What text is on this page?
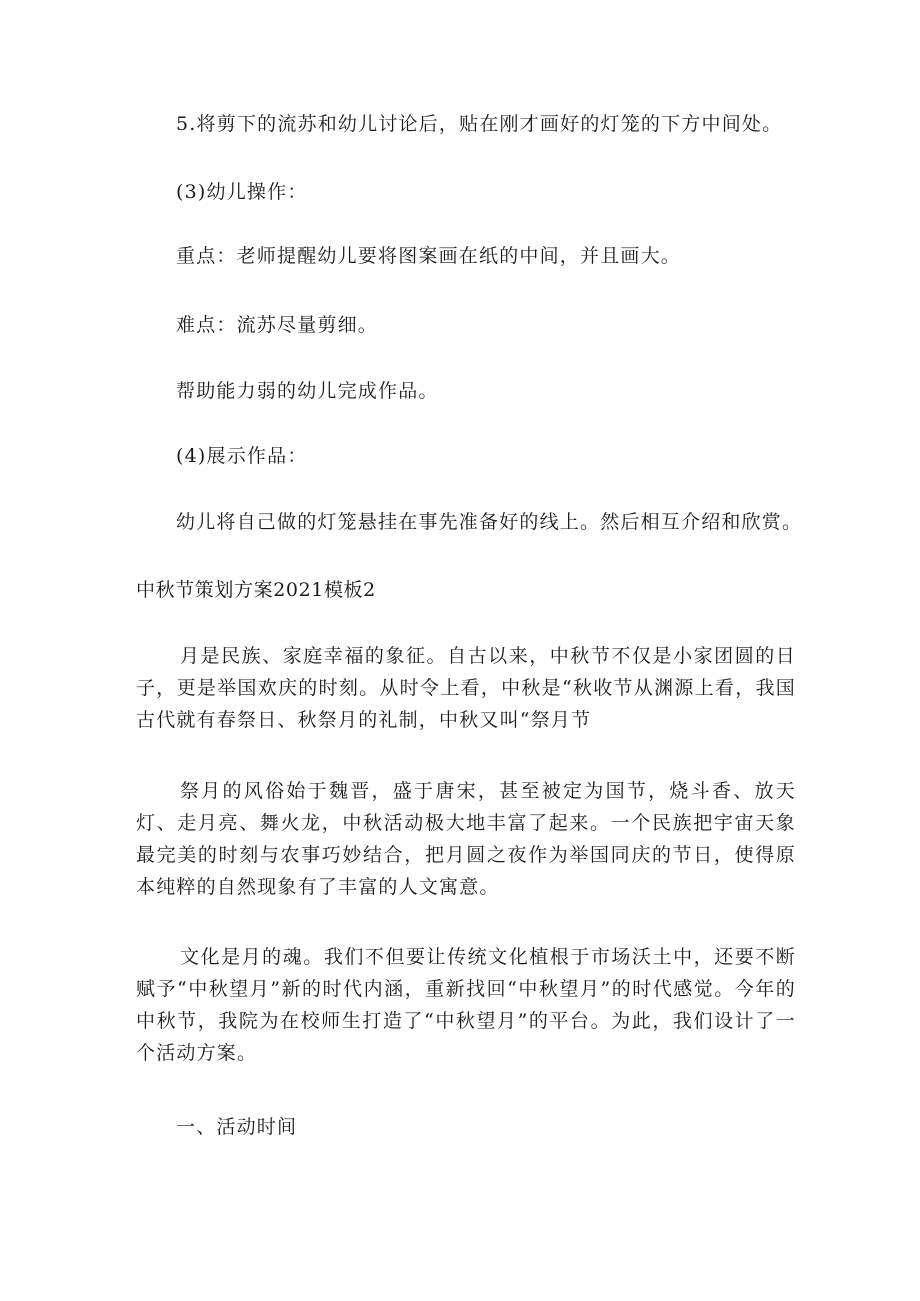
5.将剪下的流苏和幼儿讨论后，贴在刚才画好的灯笼的下方中间处。
(3)幼儿操作：
重点：老师提醒幼儿要将图案画在纸的中间，并且画大。
难点：流苏尽量剪细。
帮助能力弱的幼儿完成作品。
(4)展示作品：
幼儿将自己做的灯笼悬挂在事先准备好的线上。然后相互介绍和欣赏。
中秋节策划方案2021模板2
月是民族、家庭幸福的象征。自古以来，中秋节不仅是小家团圆的日子，更是举国欢庆的时刻。从时令上看，中秋是“秋收节从渊源上看，我国古代就有春祭日、秋祭月的礼制，中秋又叫“祭月节
祭月的风俗始于魏晋，盛于唐宋，甚至被定为国节，烧斗香、放天灯、走月亮、舞火龙，中秋活动极大地丰富了起来。一个民族把宇宙天象最完美的时刻与农事巧妙结合，把月圆之夜作为举国同庆的节日，使得原本纯粹的自然现象有了丰富的人文寓意。
文化是月的魂。我们不但要让传统文化植根于市场沃土中，还要不断赋予“中秋望月”新的时代内涵，重新找回“中秋望月”的时代感觉。今年的中秋节，我院为在校师生打造了“中秋望月”的平台。为此，我们设计了一个活动方案。
一、活动时间
